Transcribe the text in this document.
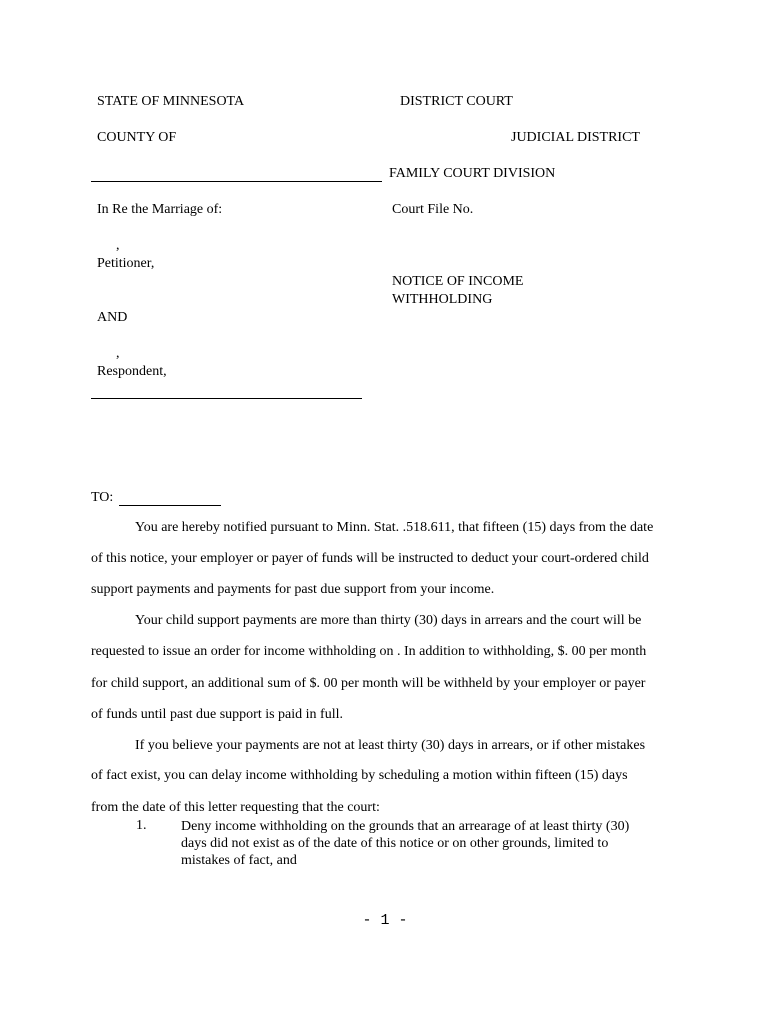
STATE OF MINNESOTA	DISTRICT COURT
COUNTY OF	JUDICIAL DISTRICT
FAMILY COURT DIVISION
In Re the Marriage of:	Court File No.
,
Petitioner,
NOTICE OF INCOME
WITHHOLDING
AND
,
Respondent,
TO:
You are hereby notified pursuant to Minn. Stat. .518.611, that fifteen (15) days from the date
of this notice, your employer or payer of funds will be instructed to deduct your court-ordered child
support payments and payments for past due support from your income.
Your child support payments are more than thirty (30) days in arrears and the court will be
requested to issue an order for income withholding on . In addition to withholding, $. 00 per month
for child support, an additional sum of $. 00 per month will be withheld by your employer or payer
of funds until past due support is paid in full.
If you believe your payments are not at least thirty (30) days in arrears, or if other mistakes
of fact exist, you can delay income withholding by scheduling a motion within fifteen (15) days
from the date of this letter requesting that the court:
1. Deny income withholding on the grounds that an arrearage of at least thirty (30)
days did not exist as of the date of this notice or on other grounds, limited to
mistakes of fact, and
- 1 -
